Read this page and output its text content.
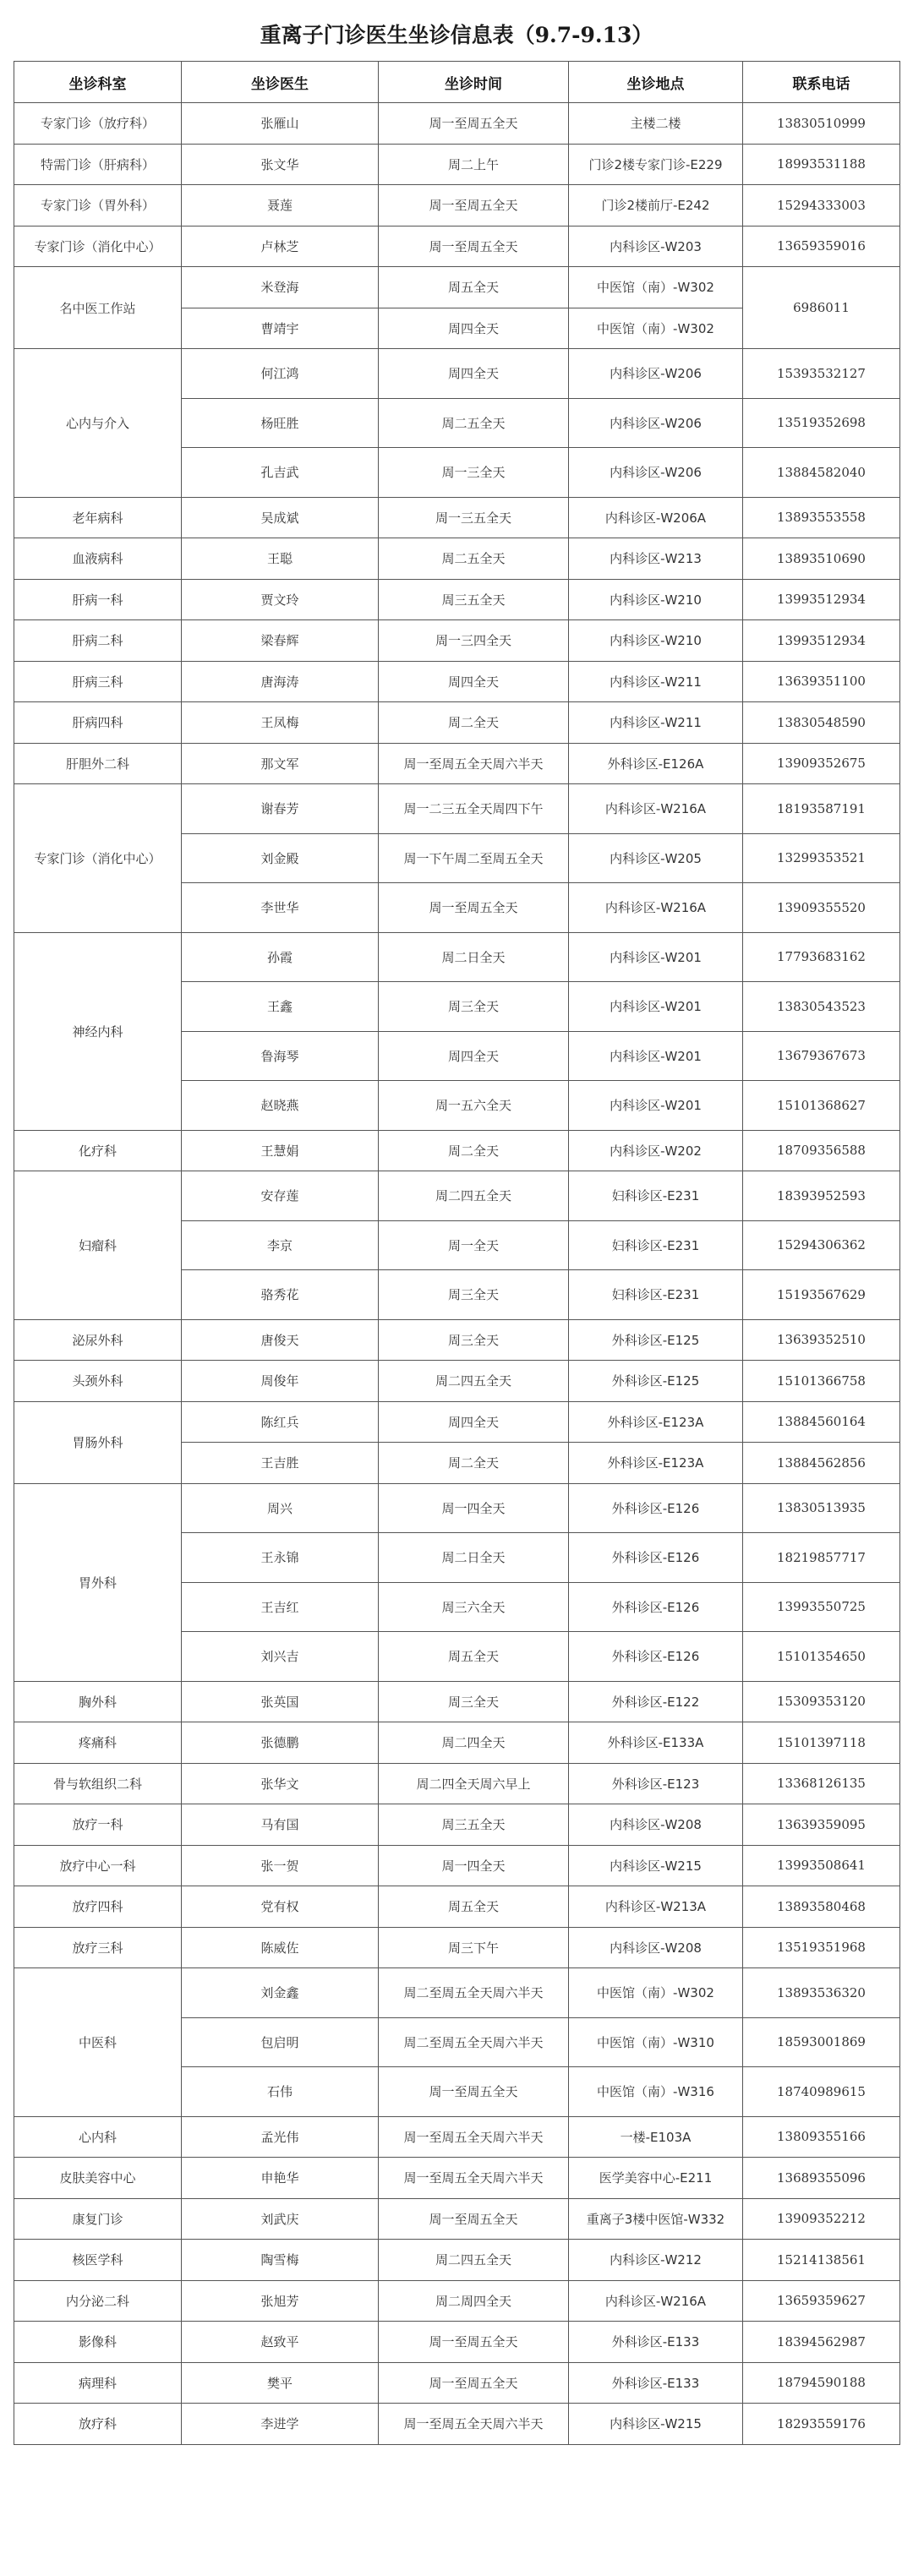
重离子门诊医生坐诊信息表（9.7-9.13）
坐诊科室	坐诊医生	坐诊时间	坐诊地点	联系电话
专家门诊（放疗科）	张雁山	周一至周五全天	主楼二楼	13830510999
特需门诊（肝病科）	张文华	周二上午	门诊2楼专家门诊-E229	18993531188
专家门诊（胃外科）	聂莲	周一至周五全天	门诊2楼前厅-E242	15294333003
专家门诊（消化中心）	卢林芝	周一至周五全天	内科诊区-W203	13659359016
名中医工作站	米登海	周五全天	中医馆（南）-W302	6986011
	曹靖宇	周四全天	中医馆（南）-W302	
心内与介入	何江鸿	周四全天	内科诊区-W206	15393532127
	杨旺胜	周二五全天	内科诊区-W206	13519352698
	孔吉武	周一三全天	内科诊区-W206	13884582040
老年病科	吴成斌	周一三五全天	内科诊区-W206A	13893553558
血液病科	王聪	周二五全天	内科诊区-W213	13893510690
肝病一科	贾文玲	周三五全天	内科诊区-W210	13993512934
肝病二科	梁春辉	周一三四全天	内科诊区-W210	13993512934
肝病三科	唐海涛	周四全天	内科诊区-W211	13639351100
肝病四科	王凤梅	周二全天	内科诊区-W211	13830548590
肝胆外二科	那文军	周一至周五全天周六半天	外科诊区-E126A	13909352675
专家门诊（消化中心）	谢春芳	周一二三五全天周四下午	内科诊区-W216A	18193587191
	刘金殿	周一下午周二至周五全天	内科诊区-W205	13299353521
	李世华	周一至周五全天	内科诊区-W216A	13909355520
神经内科	孙霞	周二日全天	内科诊区-W201	17793683162
	王鑫	周三全天	内科诊区-W201	13830543523
	鲁海琴	周四全天	内科诊区-W201	13679367673
	赵晓燕	周一五六全天	内科诊区-W201	15101368627
化疗科	王慧娟	周二全天	内科诊区-W202	18709356588
妇瘤科	安存莲	周二四五全天	妇科诊区-E231	18393952593
	李京	周一全天	妇科诊区-E231	15294306362
	骆秀花	周三全天	妇科诊区-E231	15193567629
泌尿外科	唐俊天	周三全天	外科诊区-E125	13639352510
头颈外科	周俊年	周二四五全天	外科诊区-E125	15101366758
胃肠外科	陈红兵	周四全天	外科诊区-E123A	13884560164
	王吉胜	周二全天	外科诊区-E123A	13884562856
胃外科	周兴	周一四全天	外科诊区-E126	13830513935
	王永锦	周二日全天	外科诊区-E126	18219857717
	王吉红	周三六全天	外科诊区-E126	13993550725
	刘兴吉	周五全天	外科诊区-E126	15101354650
胸外科	张英国	周三全天	外科诊区-E122	15309353120
疼痛科	张德鹏	周二四全天	外科诊区-E133A	15101397118
骨与软组织二科	张华文	周二四全天周六早上	外科诊区-E123	13368126135
放疗一科	马有国	周三五全天	内科诊区-W208	13639359095
放疗中心一科	张一贺	周一四全天	内科诊区-W215	13993508641
放疗四科	党有权	周五全天	内科诊区-W213A	13893580468
放疗三科	陈威佐	周三下午	内科诊区-W208	13519351968
中医科	刘金鑫	周二至周五全天周六半天	中医馆（南）-W302	13893536320
	包启明	周二至周五全天周六半天	中医馆（南）-W310	18593001869
	石伟	周一至周五全天	中医馆（南）-W316	18740989615
心内科	孟光伟	周一至周五全天周六半天	一楼-E103A	13809355166
皮肤美容中心	申艳华	周一至周五全天周六半天	医学美容中心-E211	13689355096
康复门诊	刘武庆	周一至周五全天	重离子3楼中医馆-W332	13909352212
核医学科	陶雪梅	周二四五全天	内科诊区-W212	15214138561
内分泌二科	张旭芳	周二周四全天	内科诊区-W216A	13659359627
影像科	赵致平	周一至周五全天	外科诊区-E133	18394562987
病理科	樊平	周一至周五全天	外科诊区-E133	18794590188
放疗科	李进学	周一至周五全天周六半天	内科诊区-W215	18293559176
